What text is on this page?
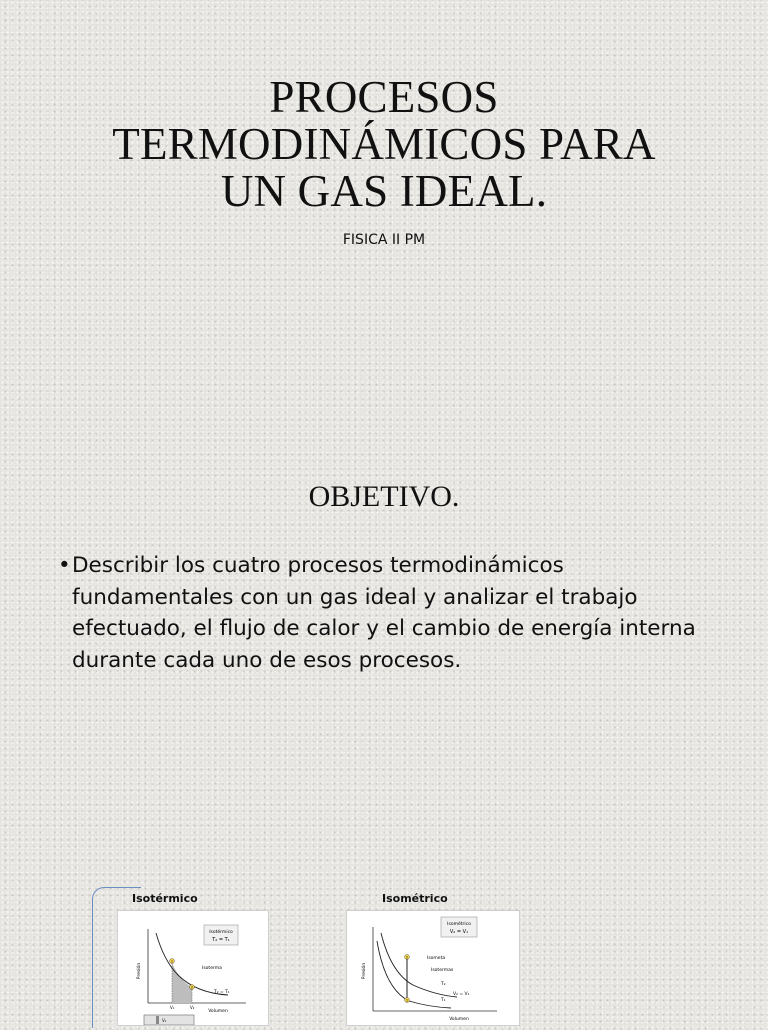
PROCESOS
TERMODINÁMICOS PARA
UN GAS IDEAL.
FISICA II PM
OBJETIVO.
• Describir los cuatro procesos termodinámicos fundamentales con un gas ideal y analizar el trabajo efectuado, el flujo de calor y el cambio de energía interna durante cada uno de esos procesos.
Isotérmico	Isométrico
Isotérmico
T₂ = T₁
Presión
Volumen
1
2
Isoterma
T₂ = T₁
V₁	V₂
V₁
Isométrico
V₂ = V₁
Presión
Volumen
2
1
Isometa
Isotermas
T₂
T₁
V₂ = V₁
